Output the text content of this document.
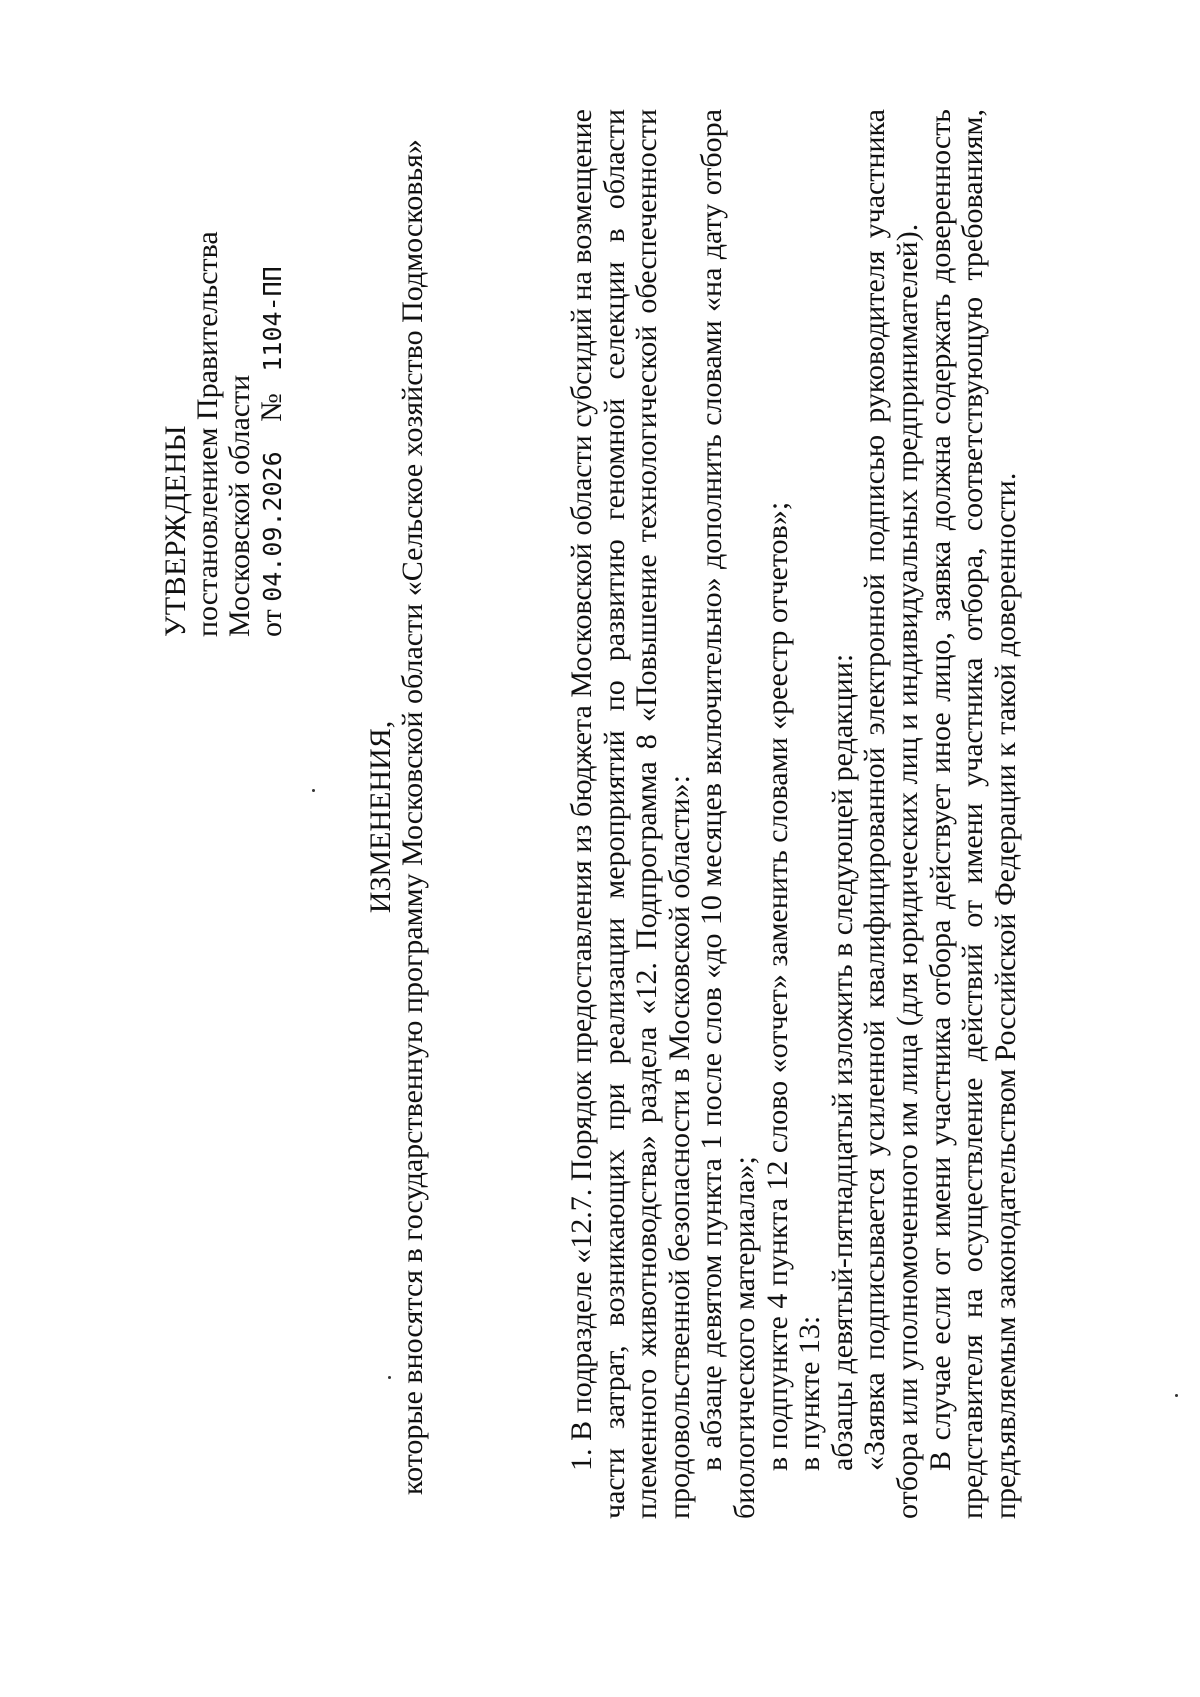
УТВЕРЖДЕНЫ постановлением Правительства Московской области от 04.09.2026 № 1104-ПП
ИЗМЕНЕНИЯ, которые вносятся в государственную программу Московской области «Сельское хозяйство Подмосковья»	1. В подразделе «12.7. Порядок предоставления из бюджета Московской области субсидий на возмещение части затрат, возникающих при реализации мероприятий по развитию геномной селекции в области племенного животноводства» раздела «12. Подпрограмма 8 «Повышение технологической обеспеченности продовольственной безопасности в Московской области»: в абзаце девятом пункта 1 после слов «до 10 месяцев включительно» дополнить словами «на дату отбора биологического материала»; в подпункте 4 пункта 12 слово «отчет» заменить словами «реестр отчетов»; в пункте 13: абзацы девятый-пятнадцатый изложить в следующей редакции: «Заявка подписывается усиленной квалифицированной электронной подписью руководителя участника отбора или уполномоченного им лица (для юридических лиц и индивидуальных предпринимателей). В случае если от имени участника отбора действует иное лицо, заявка должна содержать доверенность представителя на осуществление действий от имени участника отбора, соответствующую требованиям, предъявляемым законодательством Российской Федерации к такой доверенности.
